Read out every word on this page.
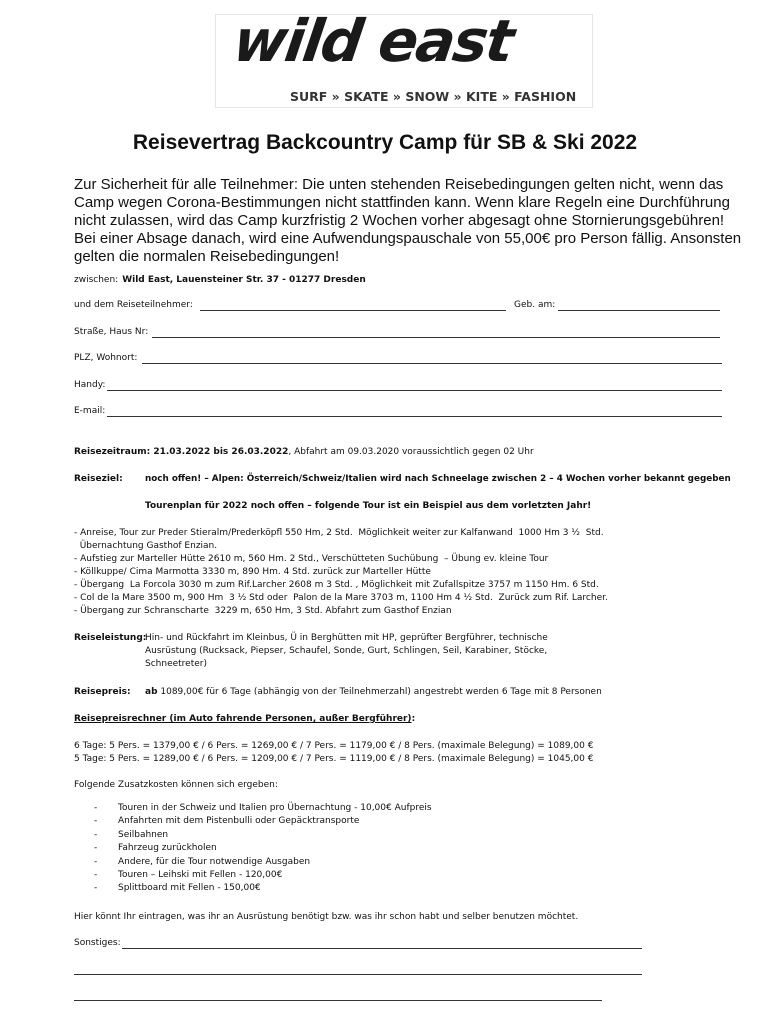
wild east
SURF » SKATE » SNOW » KITE » FASHION
Reisevertrag Backcountry Camp für SB & Ski 2022
Zur Sicherheit für alle Teilnehmer: Die unten stehenden Reisebedingungen gelten nicht, wenn das Camp wegen Corona-Bestimmungen nicht stattfinden kann. Wenn klare Regeln eine Durchführung nicht zulassen, wird das Camp kurzfristig 2 Wochen vorher abgesagt ohne Stornierungsgebühren! Bei einer Absage danach, wird eine Aufwendungspauschale von 55,00€ pro Person fällig. Ansonsten gelten die normalen Reisebedingungen!
zwischen: Wild East, Lauensteiner Str. 37 - 01277 Dresden
und dem Reiseteilnehmer:	Geb. am:
Straße, Haus Nr:
PLZ, Wohnort:
Handy:
E-mail:
Reisezeitraum: 21.03.2022 bis 26.03.2022, Abfahrt am 09.03.2020 voraussichtlich gegen 02 Uhr
Reiseziel:	noch offen! – Alpen: Österreich/Schweiz/Italien wird nach Schneelage zwischen 2 – 4 Wochen vorher bekannt gegeben
Tourenplan für 2022 noch offen – folgende Tour ist ein Beispiel aus dem vorletzten Jahr!
- Anreise, Tour zur Preder Stieralm/Prederköpfl 550 Hm, 2 Std.  Möglichkeit weiter zur Kalfanwand  1000 Hm 3 ½  Std.
Übernachtung Gasthof Enzian.
- Aufstieg zur Marteller Hütte 2610 m, 560 Hm. 2 Std., Verschütteten Suchübung  – Übung ev. kleine Tour
- Köllkuppe/ Cima Marmotta 3330 m, 890 Hm. 4 Std. zurück zur Marteller Hütte
- Übergang  La Forcola 3030 m zum Rif.Larcher 2608 m 3 Std. , Möglichkeit mit Zufallspitze 3757 m 1150 Hm. 6 Std.
- Col de la Mare 3500 m, 900 Hm  3 ½ Std oder  Palon de la Mare 3703 m, 1100 Hm 4 ½ Std.  Zurück zum Rif. Larcher.
- Übergang zur Schranscharte  3229 m, 650 Hm, 3 Std. Abfahrt zum Gasthof Enzian
Reiseleistung:
Hin- und Rückfahrt im Kleinbus, Ü in Berghütten mit HP, geprüfter Bergführer, technische
Ausrüstung (Rucksack, Piepser, Schaufel, Sonde, Gurt, Schlingen, Seil, Karabiner, Stöcke,
Schneetreter)
Reisepreis: ab 1089,00€ für 6 Tage (abhängig von der Teilnehmerzahl) angestrebt werden 6 Tage mit 8 Personen
Reisepreisrechner (im Auto fahrende Personen, außer Bergführer):
6 Tage: 5 Pers. = 1379,00 € / 6 Pers. = 1269,00 € / 7 Pers. = 1179,00 € / 8 Pers. (maximale Belegung) = 1089,00 €
5 Tage: 5 Pers. = 1289,00 € / 6 Pers. = 1209,00 € / 7 Pers. = 1119,00 € / 8 Pers. (maximale Belegung) = 1045,00 €
Folgende Zusatzkosten können sich ergeben:
- Touren in der Schweiz und Italien pro Übernachtung - 10,00€ Aufpreis
- Anfahrten mit dem Pistenbulli oder Gepäcktransporte
- Seilbahnen
- Fahrzeug zurückholen
- Andere, für die Tour notwendige Ausgaben
- Touren – Leihski mit Fellen - 120,00€
- Splittboard mit Fellen - 150,00€
Hier könnt Ihr eintragen, was ihr an Ausrüstung benötigt bzw. was ihr schon habt und selber benutzen möchtet.
Sonstiges:
